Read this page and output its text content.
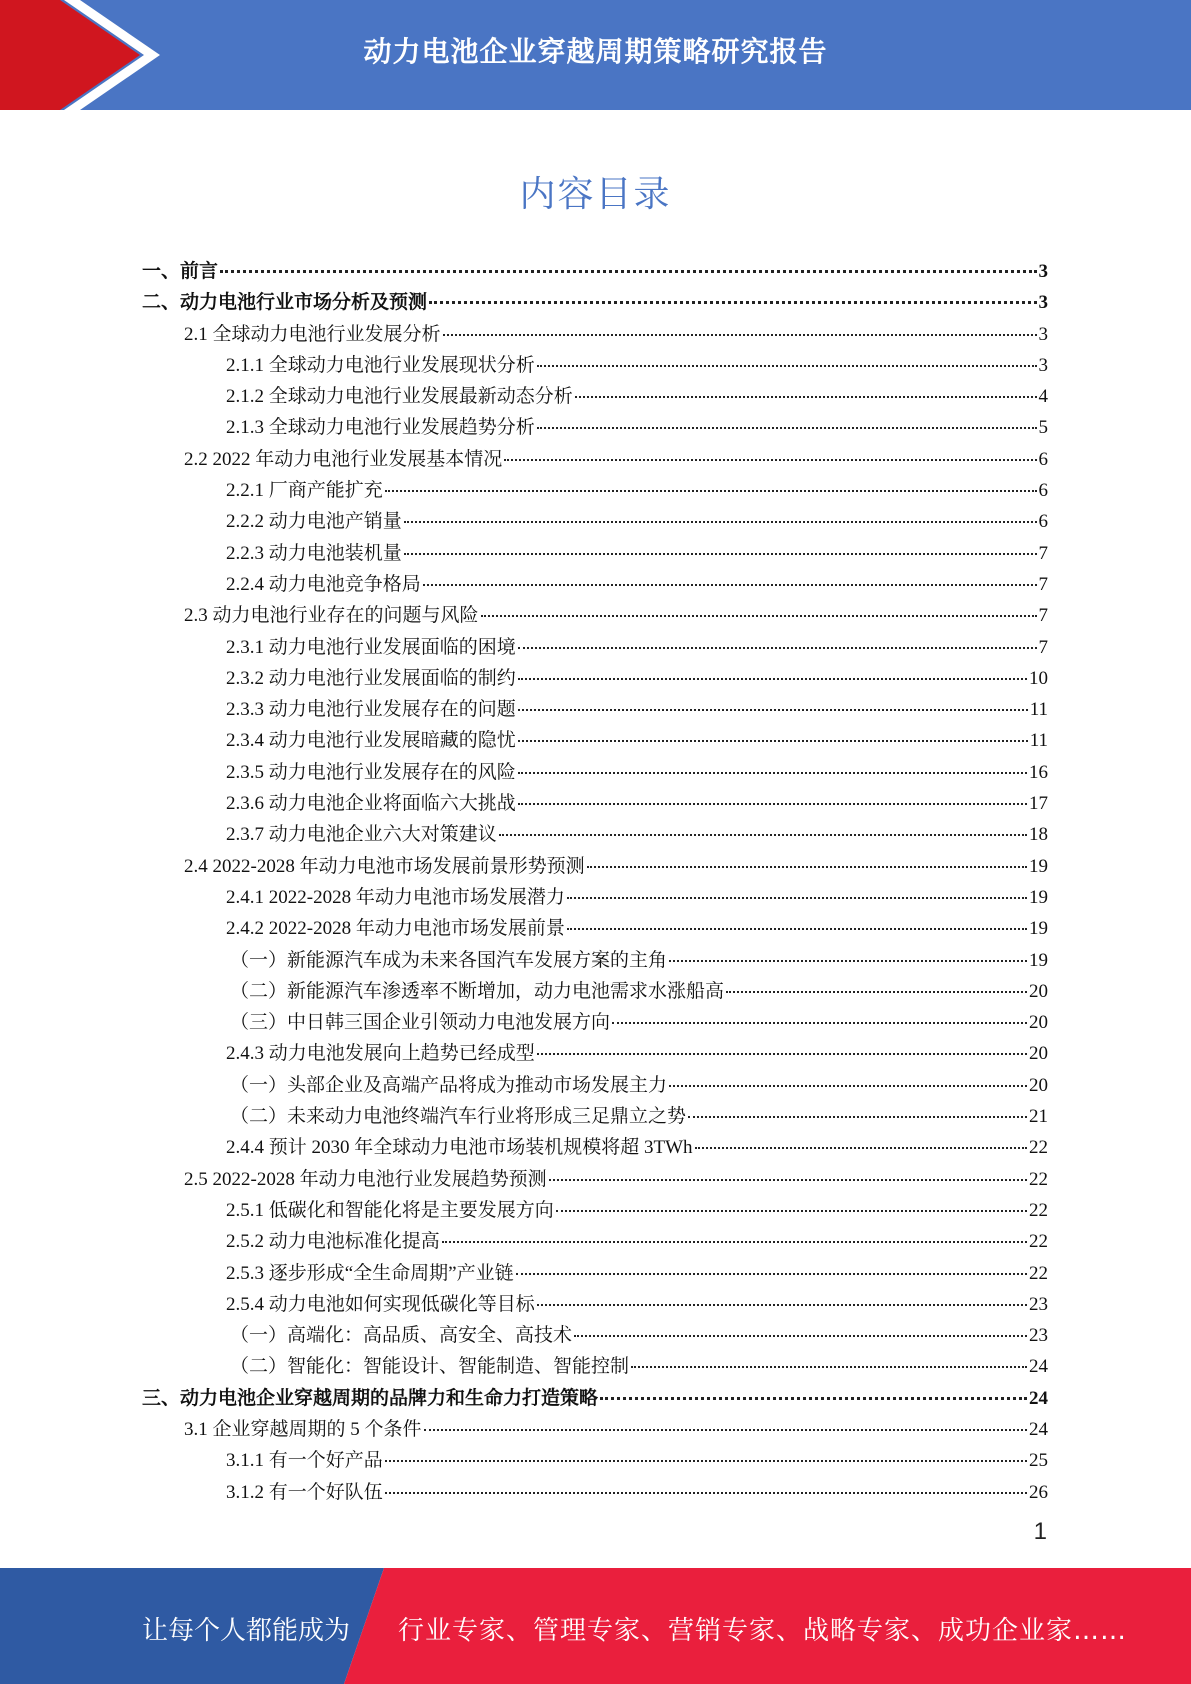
动力电池企业穿越周期策略研究报告
内容目录
一、前言	3
二、动力电池行业市场分析及预测	3
2.1 全球动力电池行业发展分析	3
2.1.1 全球动力电池行业发展现状分析	3
2.1.2 全球动力电池行业发展最新动态分析	4
2.1.3 全球动力电池行业发展趋势分析	5
2.2 2022 年动力电池行业发展基本情况	6
2.2.1 厂商产能扩充	6
2.2.2 动力电池产销量	6
2.2.3 动力电池装机量	7
2.2.4 动力电池竞争格局	7
2.3 动力电池行业存在的问题与风险	7
2.3.1 动力电池行业发展面临的困境	7
2.3.2 动力电池行业发展面临的制约	10
2.3.3 动力电池行业发展存在的问题	11
2.3.4 动力电池行业发展暗藏的隐忧	11
2.3.5 动力电池行业发展存在的风险	16
2.3.6 动力电池企业将面临六大挑战	17
2.3.7 动力电池企业六大对策建议	18
2.4 2022-2028 年动力电池市场发展前景形势预测	19
2.4.1 2022-2028 年动力电池市场发展潜力	19
2.4.2 2022-2028 年动力电池市场发展前景	19
（一）新能源汽车成为未来各国汽车发展方案的主角	19
（二）新能源汽车渗透率不断增加，动力电池需求水涨船高	20
（三）中日韩三国企业引领动力电池发展方向	20
2.4.3 动力电池发展向上趋势已经成型	20
（一）头部企业及高端产品将成为推动市场发展主力	20
（二）未来动力电池终端汽车行业将形成三足鼎立之势	21
2.4.4 预计 2030 年全球动力电池市场装机规模将超 3TWh	22
2.5 2022-2028 年动力电池行业发展趋势预测	22
2.5.1 低碳化和智能化将是主要发展方向	22
2.5.2 动力电池标准化提高	22
2.5.3 逐步形成“全生命周期”产业链	22
2.5.4 动力电池如何实现低碳化等目标	23
（一）高端化：高品质、高安全、高技术	23
（二）智能化：智能设计、智能制造、智能控制	24
三、动力电池企业穿越周期的品牌力和生命力打造策略	24
3.1 企业穿越周期的 5 个条件	24
3.1.1 有一个好产品	25
3.1.2 有一个好队伍	26
1
让每个人都能成为 行业专家、管理专家、营销专家、战略专家、成功企业家……
